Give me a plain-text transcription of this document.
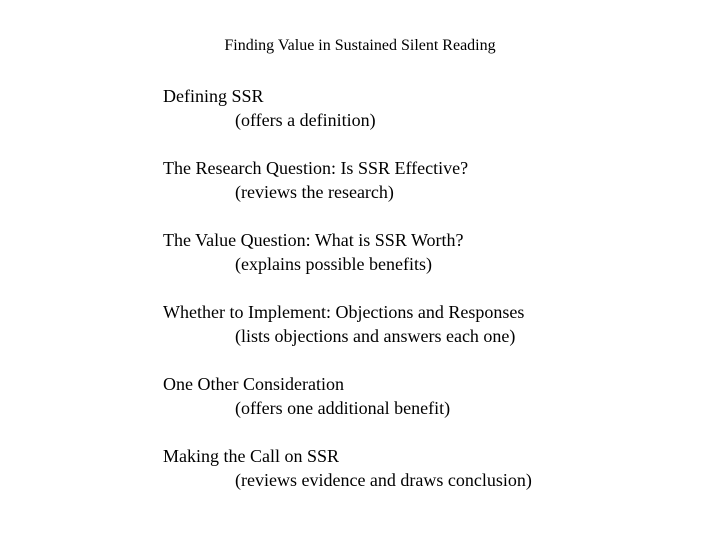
Finding Value in Sustained Silent Reading
Defining SSR
(offers a definition)
The Research Question: Is SSR Effective?
(reviews the research)
The Value Question: What is SSR Worth?
(explains possible benefits)
Whether to Implement: Objections and Responses
(lists objections and answers each one)
One Other Consideration
(offers one additional benefit)
Making the Call on SSR
(reviews evidence and draws conclusion)
